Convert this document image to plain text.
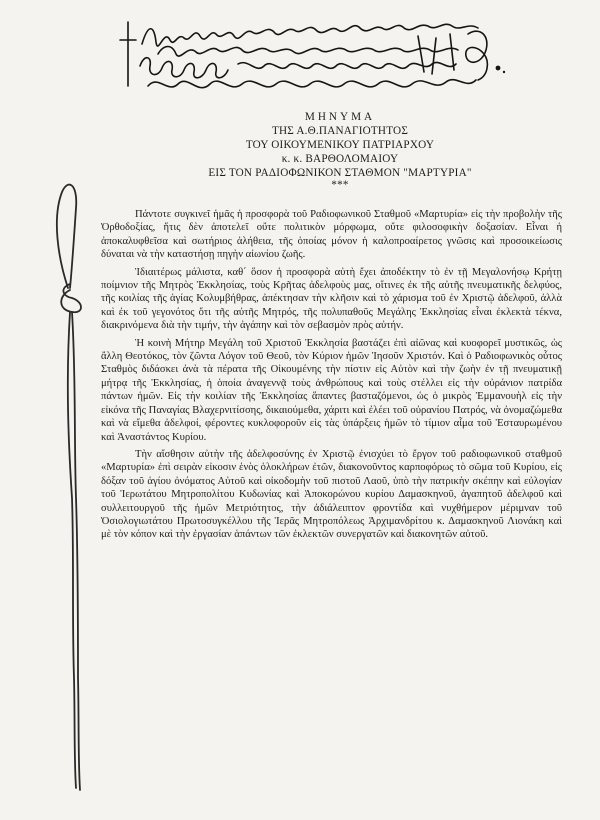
ΜΗΝΥΜΑ
ΤΗΣ Α.Θ.ΠΑΝΑΓΙΟΤΗΤΟΣ
ΤΟΥ ΟΙΚΟΥΜΕΝΙΚΟΥ ΠΑΤΡΙΑΡΧΟΥ
κ. κ. ΒΑΡΘΟΛΟΜΑΙΟΥ
ΕΙΣ ΤΟΝ ΡΑΔΙΟΦΩΝΙΚΟΝ ΣΤΑΘΜΟΝ "ΜΑΡΤΥΡΙΑ"
***

Πάντοτε συγκινεῖ ἡμᾶς ἡ προσφορὰ τοῦ Ραδιοφωνικοῦ Σταθμοῦ «Μαρτυρία» εἰς τὴν προβολὴν τῆς Ὀρθοδοξίας, ἥτις δὲν ἀποτελεῖ οὔτε πολιτικὸν μόρφωμα, οὔτε φιλοσοφικὴν δοξασίαν. Εἶναι ἡ ἀποκαλυφθεῖσα καὶ σωτήριος ἀλήθεια, τῆς ὁποίας μόνον ἡ καλοπροαίρετος γνῶσις καὶ προσοικείωσις δύναται νὰ τὴν καταστήσῃ πηγὴν αἰωνίου ζωῆς.

Ἰδιαιτέρως μάλιστα, καθ΄ ὅσον ἡ προσφορὰ αὐτὴ ἔχει ἀποδέκτην τὸ ἐν τῇ Μεγαλονήσῳ Κρήτῃ ποίμνιον τῆς Μητρὸς Ἐκκλησίας, τοὺς Κρῆτας ἀδελφοὺς μας, οἵτινες ἐκ τῆς αὐτῆς πνευματικῆς δελφύος, τῆς κοιλίας τῆς ἁγίας Κολυμβήθρας, ἀπέκτησαν τὴν κλῆσιν καὶ τὸ χάρισμα τοῦ ἐν Χριστῷ ἀδελφοῦ, ἀλλὰ καὶ ἐκ τοῦ γεγονότος ὅτι τῆς αὐτῆς Μητρός, τῆς πολυπαθοῦς Μεγάλης Ἐκκλησίας εἶναι ἐκλεκτὰ τέκνα, διακρινόμενα διὰ τὴν τιμήν, τὴν ἀγάπην καὶ τὸν σεβασμὸν πρὸς αὐτήν.

Ἡ κοινὴ Μήτηρ Μεγάλη τοῦ Χριστοῦ Ἐκκλησία βαστάζει ἐπὶ αἰῶνας καὶ κυοφορεῖ μυστικῶς, ὡς ἄλλη Θεοτόκος, τὸν ζῶντα Λόγον τοῦ Θεοῦ, τὸν Κύριον ἡμῶν Ἰησοῦν Χριστόν. Καὶ ὁ Ραδιοφωνικὸς οὗτος Σταθμὸς διδάσκει ἀνὰ τὰ πέρατα τῆς Οἰκουμένης τὴν πίστιν εἰς Αὐτὸν καὶ τὴν ζωὴν ἐν τῇ πνευματικῇ μήτρᾳ τῆς Ἐκκλησίας, ἡ ὁποία ἀναγεννᾷ τοὺς ἀνθρώπους καὶ τοὺς στέλλει εἰς τὴν οὐράνιον πατρίδα πάντων ἡμῶν. Εἰς τὴν κοιλίαν τῆς Ἐκκλησίας ἅπαντες βασταζόμενοι, ὡς ὁ μικρὸς Ἐμμανουὴλ εἰς τὴν εἰκόνα τῆς Παναγίας Βλαχερνιτίσσης, δικαιούμεθα, χάριτι καὶ ἐλέει τοῦ οὐρανίου Πατρός, νὰ ὀνομαζώμεθα καὶ νὰ εἴμεθα ἀδελφοί, φέροντες κυκλοφοροῦν εἰς τὰς ὑπάρξεις ἡμῶν τὸ τίμιον αἷμα τοῦ Ἐσταυρωμένου καὶ Ἀναστάντος Κυρίου.

Τὴν αἴσθησιν αὐτὴν τῆς ἀδελφοσύνης ἐν Χριστῷ ἐνισχύει τὸ ἔργον τοῦ ραδιοφωνικοῦ σταθμοῦ «Μαρτυρία» ἐπὶ σειρὰν εἰκοσιν ἑνὸς ὁλοκλήρων ἐτῶν, διακονοῦντος καρποφόρως τὸ σῶμα τοῦ Κυρίου, εἰς δόξαν τοῦ ἁγίου ὀνόματος Αὐτοῦ καὶ οἰκοδομὴν τοῦ πιστοῦ Λαοῦ, ὑπὸ τὴν πατρικὴν σκέπην καὶ εὐλογίαν τοῦ Ἱερωτάτου Μητροπολίτου Κυδωνίας καὶ Ἀποκορώνου κυρίου Δαμασκηνοῦ, ἀγαπητοῦ ἀδελφοῦ καὶ συλλειτουργοῦ τῆς ἡμῶν Μετριότητος, τὴν ἀδιάλειπτον φροντίδα καὶ νυχθήμερον μέριμναν τοῦ Ὁσιολογιωτάτου Πρωτοσυγκέλλου τῆς Ἱερᾶς Μητροπόλεως Ἀρχιμανδρίτου κ. Δαμασκηνοῦ Λιονάκη καὶ μὲ τὸν κόπον καὶ τὴν ἐργασίαν ἁπάντων τῶν ἐκλεκτῶν συνεργατῶν καὶ διακονητῶν αὐτοῦ.
